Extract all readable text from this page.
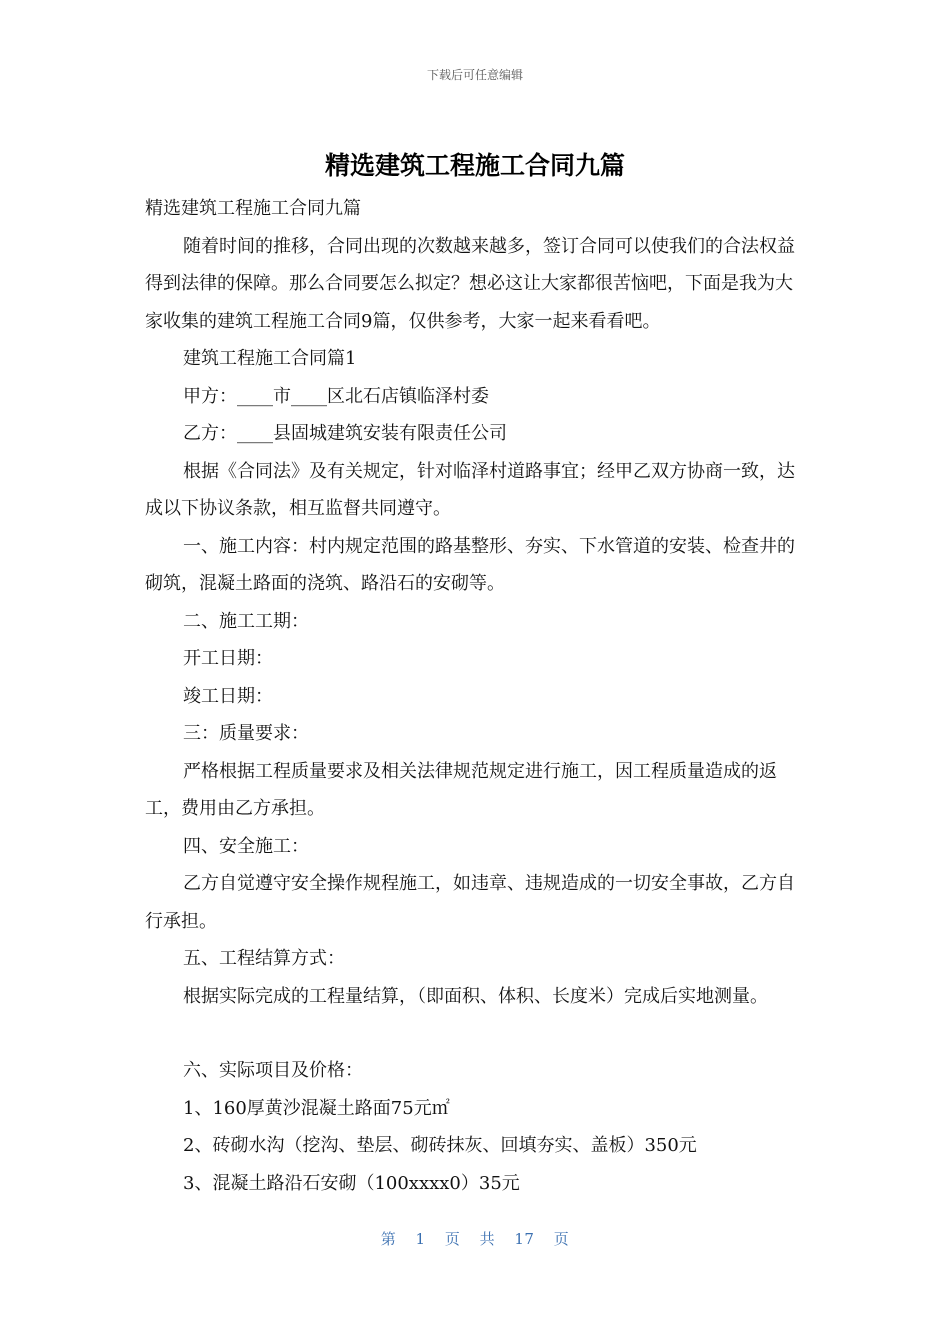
下载后可任意编辑
精选建筑工程施工合同九篇

精选建筑工程施工合同九篇

随着时间的推移，合同出现的次数越来越多，签订合同可以使我们的合法权益得到法律的保障。那么合同要怎么拟定？想必这让大家都很苦恼吧，下面是我为大家收集的建筑工程施工合同9篇，仅供参考，大家一起来看看吧。

建筑工程施工合同篇1

甲方：____市____区北石店镇临泽村委

乙方：____县固城建筑安装有限责任公司

根据《合同法》及有关规定，针对临泽村道路事宜；经甲乙双方协商一致，达成以下协议条款，相互监督共同遵守。

一、施工内容：村内规定范围的路基整形、夯实、下水管道的安装、检查井的砌筑，混凝土路面的浇筑、路沿石的安砌等。

二、施工工期：

开工日期：

竣工日期：

三：质量要求：

严格根据工程质量要求及相关法律规范规定进行施工，因工程质量造成的返工，费用由乙方承担。

四、安全施工：

乙方自觉遵守安全操作规程施工，如违章、违规造成的一切安全事故，乙方自行承担。

五、工程结算方式：

根据实际完成的工程量结算，（即面积、体积、长度米）完成后实地测量。

六、实际项目及价格：

1、160厚黄沙混凝土路面75元㎡

2、砖砌水沟（挖沟、垫层、砌砖抹灰、回填夯实、盖板）350元

3、混凝土路沿石安砌（100xxxx0）35元

第 1 页 共 17 页
